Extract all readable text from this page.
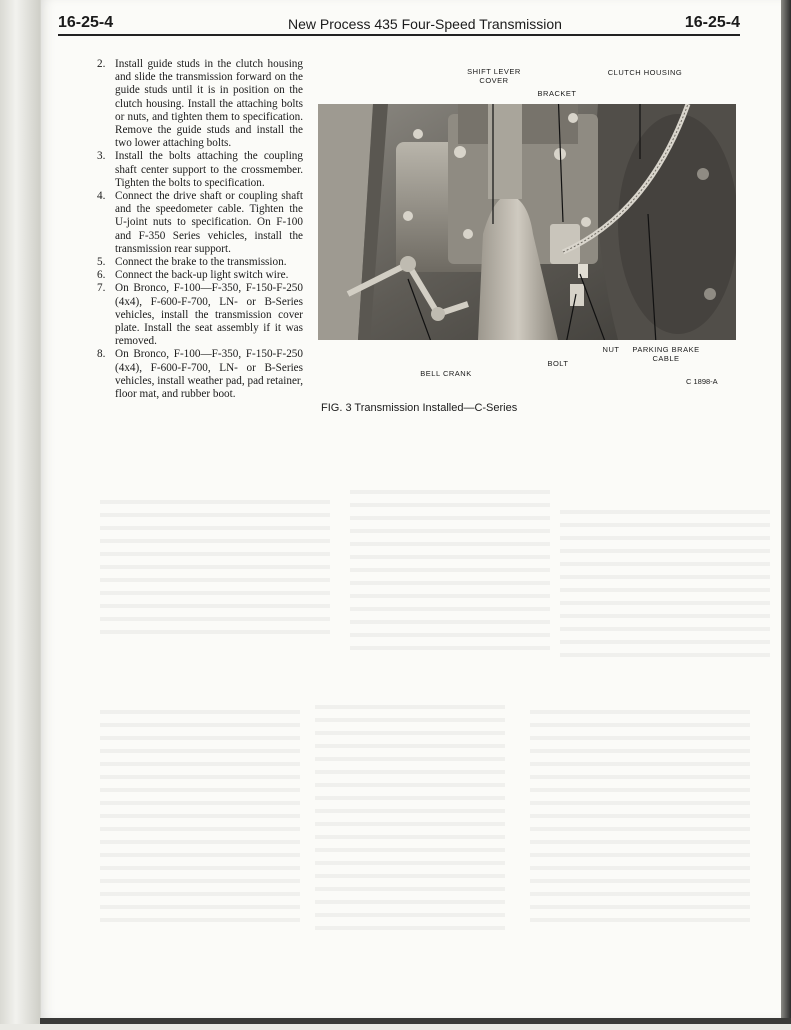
16-25-4	New Process 435 Four-Speed Transmission	16-25-4
2. Install guide studs in the clutch housing and slide the transmission forward on the guide studs until it is in position on the clutch housing. Install the attaching bolts or nuts, and tighten them to specification. Remove the guide studs and install the two lower attaching bolts.
3. Install the bolts attaching the coupling shaft center support to the crossmember. Tighten the bolts to specification.
4. Connect the drive shaft or coupling shaft and the speedometer cable. Tighten the U-joint nuts to specification. On F-100 and F-350 Series vehicles, install the transmission rear support.
5. Connect the brake to the transmission.
6. Connect the back-up light switch wire.
7. On Bronco, F-100—F-350, F-150-F-250 (4x4), F-600-F-700, LN- or B-Series vehicles, install the transmission cover plate. Install the seat assembly if it was removed.
8. On Bronco, F-100—F-350, F-150-F-250 (4x4), F-600-F-700, LN- or B-Series vehicles, install weather pad, pad retainer, floor mat, and rubber boot.
SHIFT LEVER
COVER
CLUTCH HOUSING
BRACKET
NUT	PARKING BRAKE
CABLE
BOLT
BELL CRANK
C 1898-A
FIG. 3 Transmission Installed—C-Series
